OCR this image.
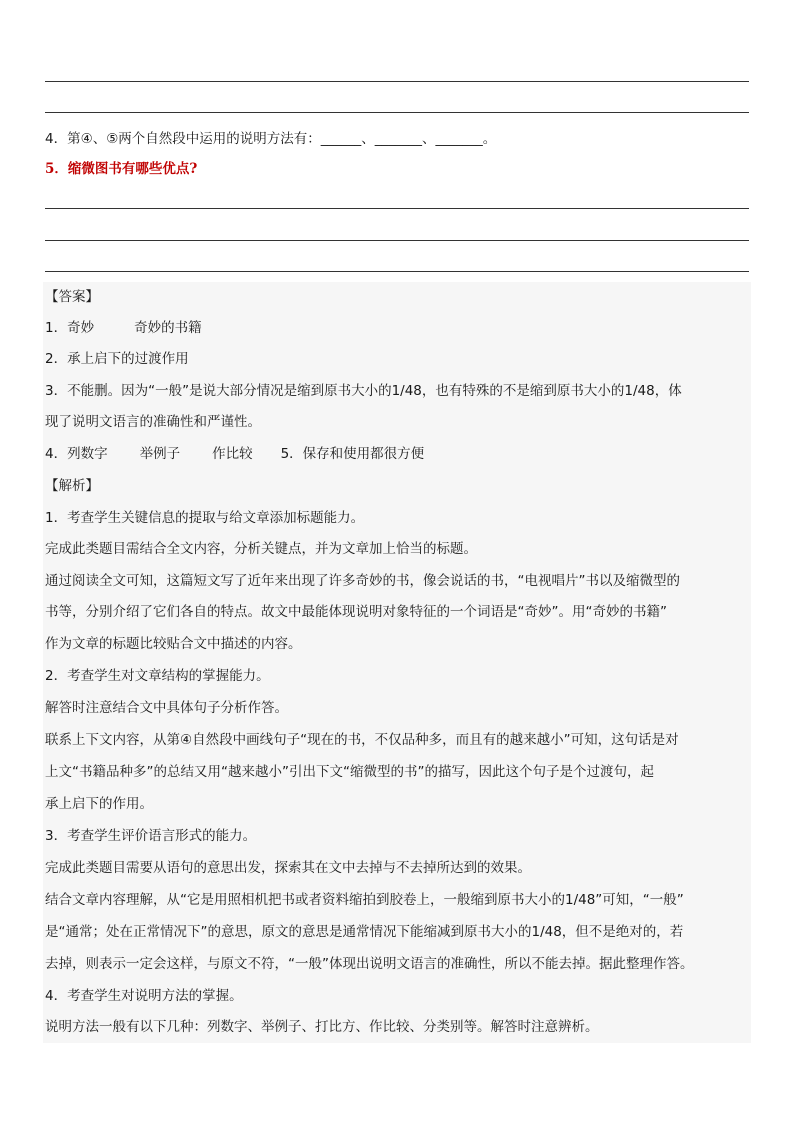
4．第④、⑤两个自然段中运用的说明方法有：______、_______、_______。
5．缩微图书有哪些优点?
【答案】
1．奇妙	奇妙的书籍
2．承上启下的过渡作用
3．不能删。因为“一般”是说大部分情况是缩到原书大小的1/48，也有特殊的不是缩到原书大小的1/48，体
现了说明文语言的准确性和严谨性。
4．列数字 举例子 作比较 5．保存和使用都很方便
【解析】
1．考查学生关键信息的提取与给文章添加标题能力。
完成此类题目需结合全文内容，分析关键点，并为文章加上恰当的标题。
通过阅读全文可知，这篇短文写了近年来出现了许多奇妙的书，像会说话的书，“电视唱片”书以及缩微型的
书等，分别介绍了它们各自的特点。故文中最能体现说明对象特征的一个词语是“奇妙”。用“奇妙的书籍”
作为文章的标题比较贴合文中描述的内容。
2．考查学生对文章结构的掌握能力。
解答时注意结合文中具体句子分析作答。
联系上下文内容，从第④自然段中画线句子“现在的书，不仅品种多，而且有的越来越小”可知，这句话是对
上文“书籍品种多”的总结又用“越来越小”引出下文“缩微型的书”的描写，因此这个句子是个过渡句，起
承上启下的作用。
3．考查学生评价语言形式的能力。
完成此类题目需要从语句的意思出发，探索其在文中去掉与不去掉所达到的效果。
结合文章内容理解，从“它是用照相机把书或者资料缩拍到胶卷上，一般缩到原书大小的1/48”可知，“一般”
是“通常；处在正常情况下”的意思，原文的意思是通常情况下能缩减到原书大小的1/48，但不是绝对的，若
去掉，则表示一定会这样，与原文不符，“一般”体现出说明文语言的准确性，所以不能去掉。据此整理作答。
4．考查学生对说明方法的掌握。
说明方法一般有以下几种：列数字、举例子、打比方、作比较、分类别等。解答时注意辨析。
